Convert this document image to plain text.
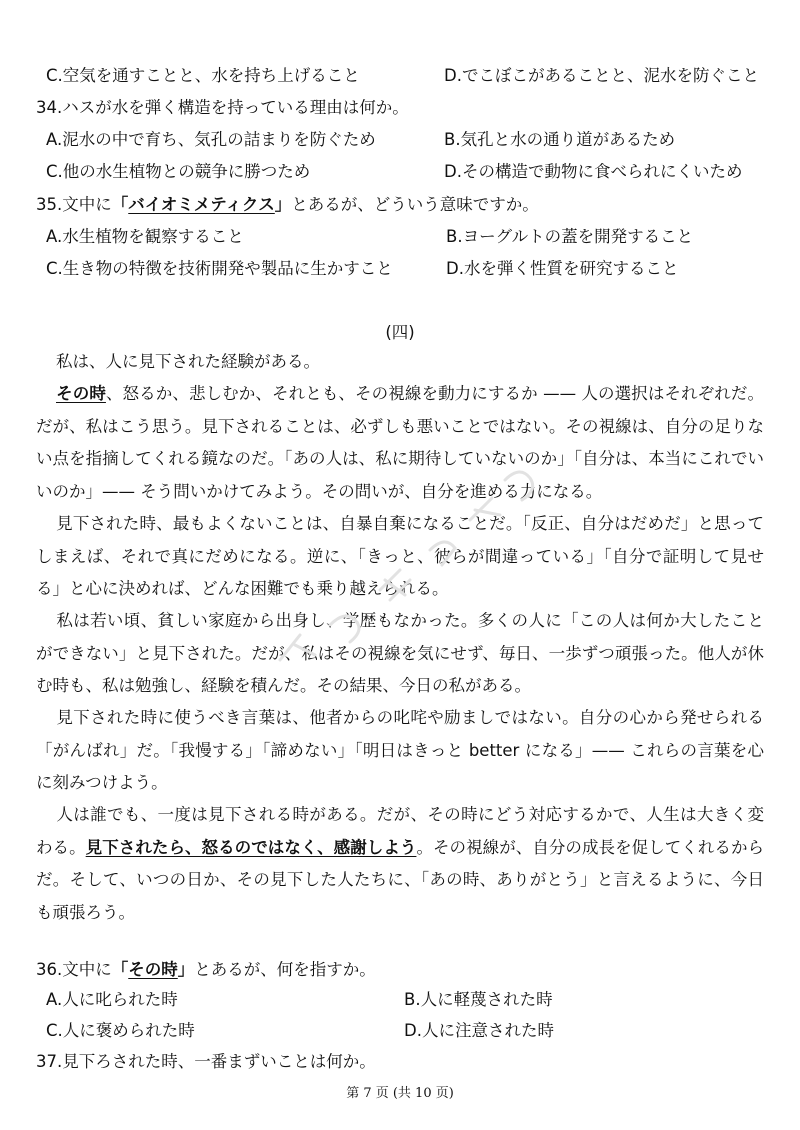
C.空気を通すことと、水を持ち上げること	D.でこぼこがあることと、泥水を防ぐこと
34.ハスが水を弾く構造を持っている理由は何か。
A.泥水の中で育ち、気孔の詰まりを防ぐため	B.気孔と水の通り道があるため
C.他の水生植物との競争に勝つため	D.その構造で動物に食べられにくいため
35.文中に「バイオミメティクス」とあるが、どういう意味ですか。
A.水生植物を観察すること	B.ヨーグルトの蓋を開発すること
C.生き物の特徴を技術開発や製品に生かすこと	D.水を弾く性質を研究すること
(四)
私は、人に見下された経験がある。
その時、怒るか、悲しむか、それとも、その視線を動力にするか —— 人の選択はそれぞれだ。だが、私はこう思う。見下されることは、必ずしも悪いことではない。その視線は、自分の足りない点を指摘してくれる鏡なのだ。「あの人は、私に期待していないのか」「自分は、本当にこれでいいのか」—— そう問いかけてみよう。その問いが、自分を進める力になる。
見下された時、最もよくないことは、自暴自棄になることだ。「反正、自分はだめだ」と思ってしまえば、それで真にだめになる。逆に、「きっと、彼らが間違っている」「自分で証明して見せる」と心に決めれば、どんな困難でも乗り越えられる。
私は若い頃、貧しい家庭から出身し、学歴もなかった。多くの人に「この人は何か大したことができない」と見下された。だが、私はその視線を気にせず、毎日、一歩ずつ頑張った。他人が休む時も、私は勉強し、経験を積んだ。その結果、今日の私がある。
見下された時に使うべき言葉は、他者からの叱咤や励ましではない。自分の心から発せられる「がんばれ」だ。「我慢する」「諦めない」「明日はきっと better になる」—— これらの言葉を心に刻みつけよう。
人は誰でも、一度は見下される時がある。だが、その時にどう対応するかで、人生は大きく変わる。見下されたら、怒るのではなく、感謝しよう。その視線が、自分の成長を促してくれるからだ。そして、いつの日か、その見下した人たちに、「あの時、ありがとう」と言えるように、今日も頑張ろう。
36.文中に「その時」とあるが、何を指すか。
A.人に叱られた時	B.人に軽蔑された時
C.人に褒められた時	D.人に注意された時
37.見下ろされた時、一番まずいことは何か。
第 7 页 (共 10 页)
